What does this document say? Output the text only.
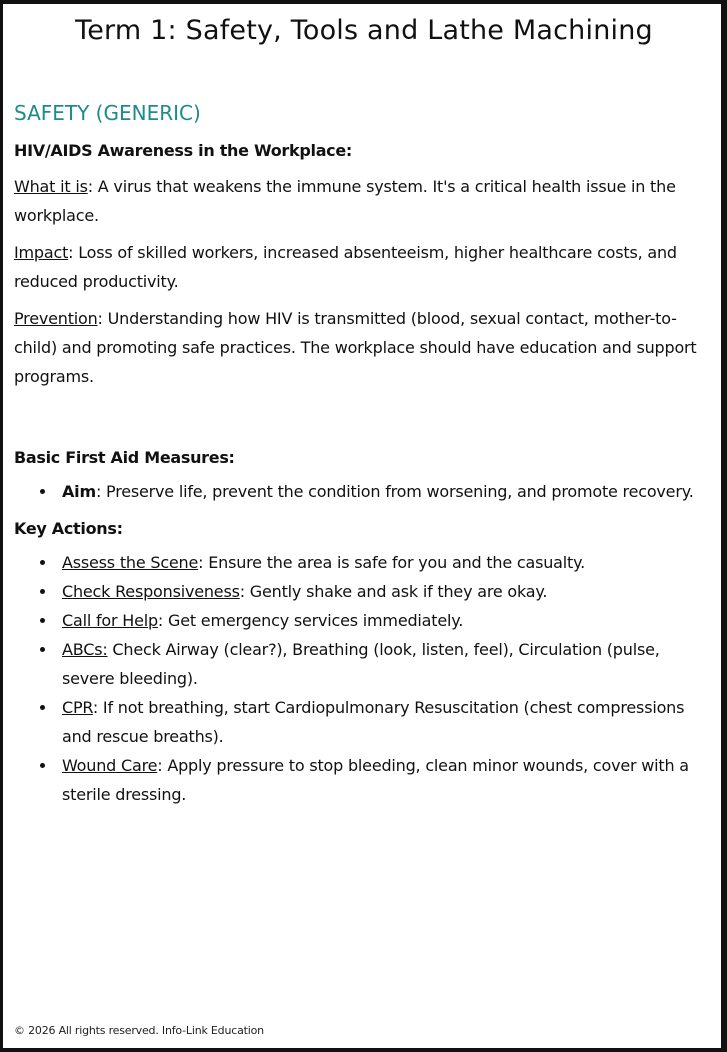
Term 1: Safety, Tools and Lathe Machining
SAFETY (GENERIC)
HIV/AIDS Awareness in the Workplace:

What it is: A virus that weakens the immune system. It's a critical health issue in the workplace.

Impact: Loss of skilled workers, increased absenteeism, higher healthcare costs, and reduced productivity.

Prevention: Understanding how HIV is transmitted (blood, sexual contact, mother-to-child) and promoting safe practices. The workplace should have education and support programs.

Basic First Aid Measures:
Aim: Preserve life, prevent the condition from worsening, and promote recovery.
Key Actions:
Assess the Scene: Ensure the area is safe for you and the casualty.
Check Responsiveness: Gently shake and ask if they are okay.
Call for Help: Get emergency services immediately.
ABCs: Check Airway (clear?), Breathing (look, listen, feel), Circulation (pulse, severe bleeding).
CPR: If not breathing, start Cardiopulmonary Resuscitation (chest compressions and rescue breaths).
Wound Care: Apply pressure to stop bleeding, clean minor wounds, cover with a sterile dressing.
© 2026 All rights reserved. Info-Link Education
